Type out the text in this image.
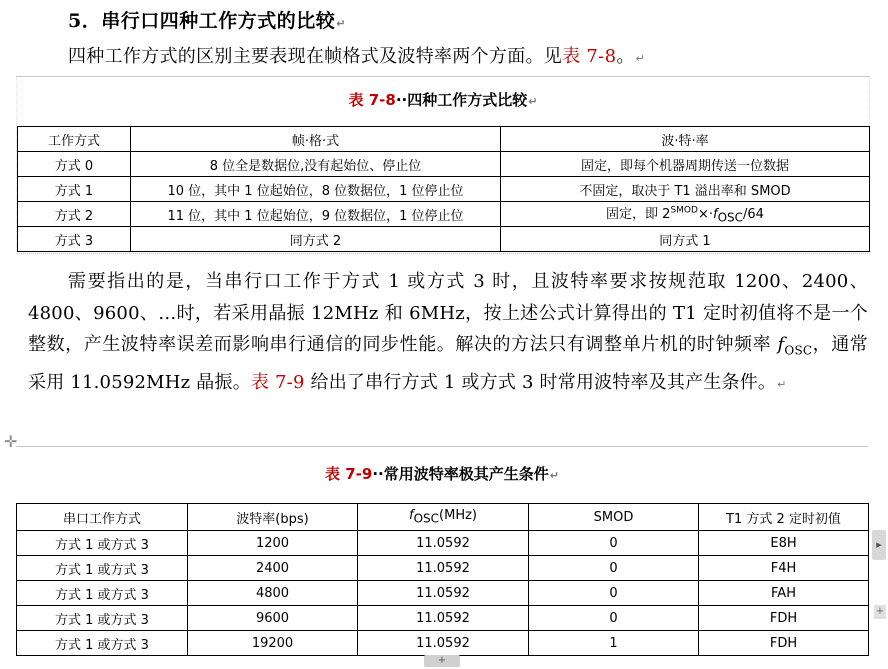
5．串行口四种工作方式的比较↵
四种工作方式的区别主要表现在帧格式及波特率两个方面。见表 7-8。↵
表 7-8··四种工作方式比较↵
工作方式	帧·格·式	波·特·率
方式 0	8 位全是数据位,没有起始位、停止位	固定，即每个机器周期传送一位数据
方式 1	10 位，其中 1 位起始位，8 位数据位，1 位停止位	不固定，取决于 T1 溢出率和 SMOD
方式 2	11 位，其中 1 位起始位，9 位数据位，1 位停止位	固定，即 $2^{SMOD}\times\cdot f_{OSC}/64$
方式 3	同方式 2	同方式 1
需要指出的是，当串行口工作于方式 1 或方式 3 时，且波特率要求按规范取 1200、2400、4800、9600、…时，若采用晶振 12MHz 和 6MHz，按上述公式计算得出的 T1 定时初值将不是一个整数，产生波特率误差而影响串行通信的同步性能。解决的方法只有调整单片机的时钟频率 $f_{OSC}$，通常采用 11.0592MHz 晶振。表 7-9 给出了串行方式 1 或方式 3 时常用波特率及其产生条件。↵
✛
表 7-9··常用波特率极其产生条件↵
串口工作方式	波特率(bps)	$f_{OSC}(MHz)$	SMOD	T1 方式 2 定时初值
方式 1 或方式 3	1200	11.0592	0	E8H
方式 1 或方式 3	2400	11.0592	0	F4H
方式 1 或方式 3	4800	11.0592	0	FAH
方式 1 或方式 3	9600	11.0592	0	FDH
方式 1 或方式 3	19200	11.0592	1	FDH
▸
+
+
